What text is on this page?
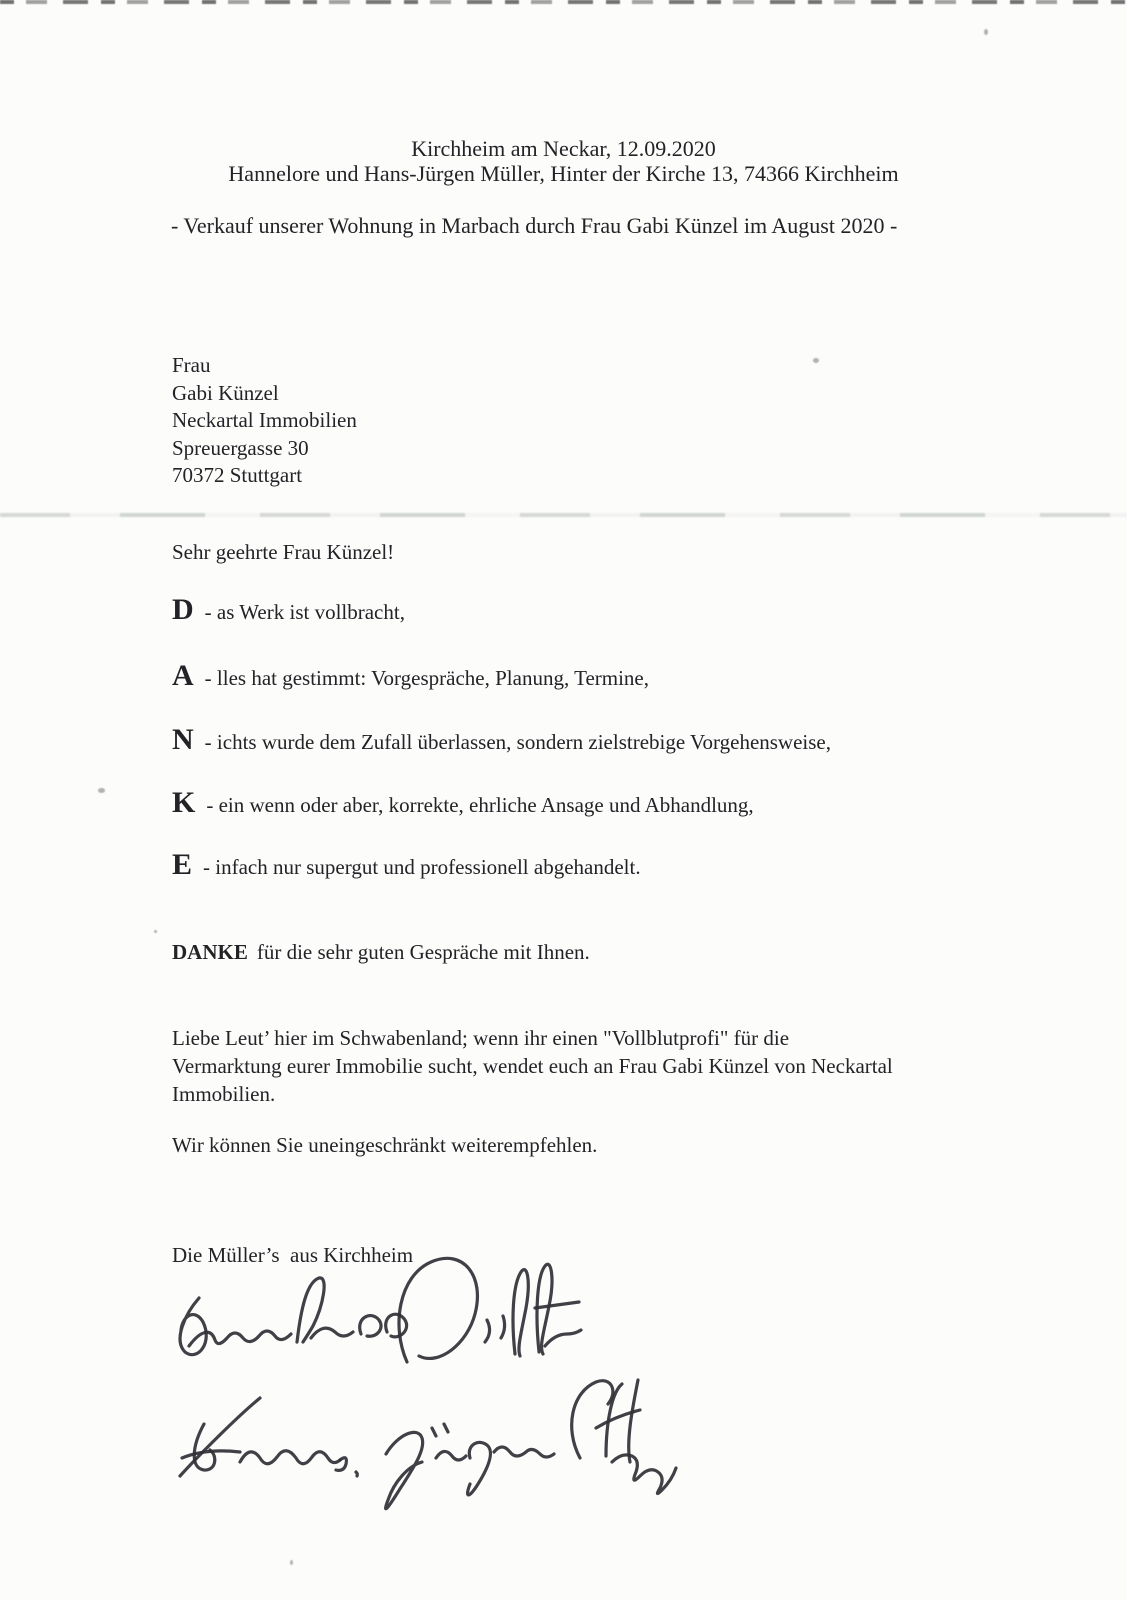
Kirchheim am Neckar, 12.09.2020
Hannelore und Hans-Jürgen Müller, Hinter der Kirche 13, 74366 Kirchheim
- Verkauf unserer Wohnung in Marbach durch Frau Gabi Künzel im August 2020 -
Frau
Gabi Künzel
Neckartal Immobilien
Spreuergasse 30
70372 Stuttgart
Sehr geehrte Frau Künzel!
D - as Werk ist vollbracht,
A - lles hat gestimmt: Vorgespräche, Planung, Termine,
N - ichts wurde dem Zufall überlassen, sondern zielstrebige Vorgehensweise,
K - ein wenn oder aber, korrekte, ehrliche Ansage und Abhandlung,
E - infach nur supergut und professionell abgehandelt.
DANKE für die sehr guten Gespräche mit Ihnen.
Liebe Leut’ hier im Schwabenland; wenn ihr einen "Vollblutprofi" für die
Vermarktung eurer Immobilie sucht, wendet euch an Frau Gabi Künzel von Neckartal
Immobilien.
Wir können Sie uneingeschränkt weiterempfehlen.
Die Müller’s  aus Kirchheim
